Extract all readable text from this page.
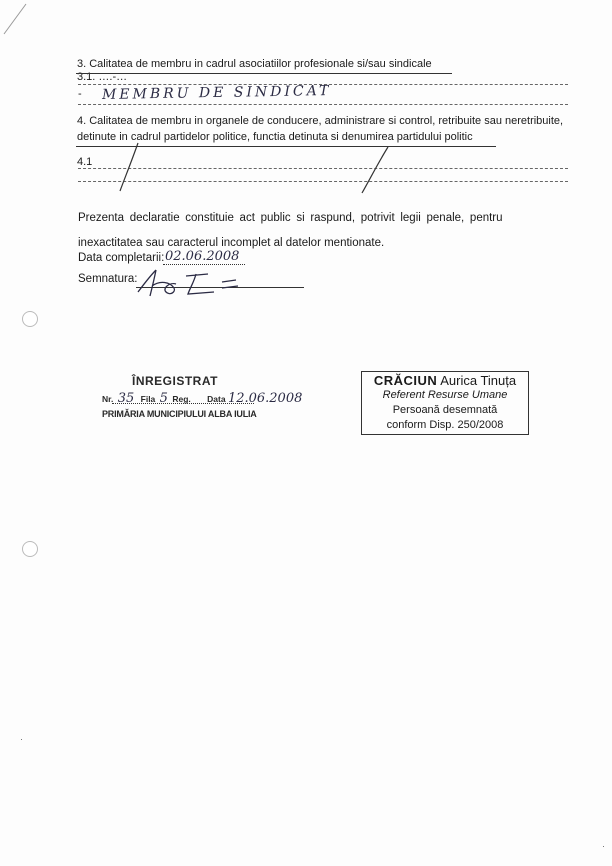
3. Calitatea de membru in cadrul asociatiilor profesionale si/sau sindicale
3.1. ….-…
- MEMBRU DE SINDICAT
4. Calitatea de membru in organele de conducere, administrare si control, retribuite sau neretribuite,
detinute in cadrul partidelor politice, functia detinuta si denumirea partidului politic
4.1
Prezenta declaratie constituie act public si raspund, potrivit legii penale, pentru
inexactitatea sau caracterul incomplet al datelor mentionate.
Data completarii: 02.06.2008
Semnatura:
ÎNREGISTRAT
Nr. 35 Fila 5 Reg. Data 12.06.2008
PRIMĂRIA MUNICIPIULUI ALBA IULIA
CRĂCIUN Aurica Tinuța
Referent Resurse Umane
Persoană desemnată
conform Disp. 250/2008
